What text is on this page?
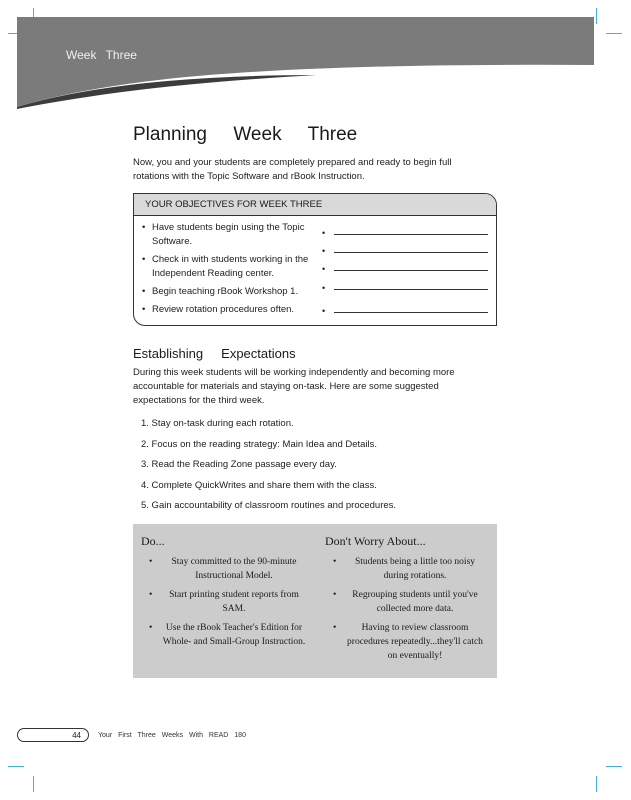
Week Three
Planning     Week     Three
Now, you and your students are completely prepared and ready to begin full rotations with the Topic Software and rBook Instruction.
YOUR OBJECTIVES FOR WEEK THREE
• Have students begin using the Topic Software.
• Check in with students working in the Independent Reading center.
• Begin teaching rBook Workshop 1.
• Review rotation procedures often.
•
•
•
•
•
Establishing     Expectations
During this week students will be working independently and becoming more accountable for materials and staying on-task. Here are some suggested expectations for the third week.
1. Stay on-task during each rotation.
2. Focus on the reading strategy: Main Idea and Details.
3. Read the Reading Zone passage every day.
4. Complete QuickWrites and share them with the class.
5. Gain accountability of classroom routines and procedures.
Do...
• Stay committed to the 90-minute Instructional Model.
• Start printing student reports from SAM.
• Use the rBook Teacher's Edition for Whole- and Small-Group Instruction.
Don't Worry About...
• Students being a little too noisy during rotations.
• Regrouping students until you've collected more data.
• Having to review classroom procedures repeatedly...they'll catch on eventually!
44	Your First Three Weeks With READ 180
